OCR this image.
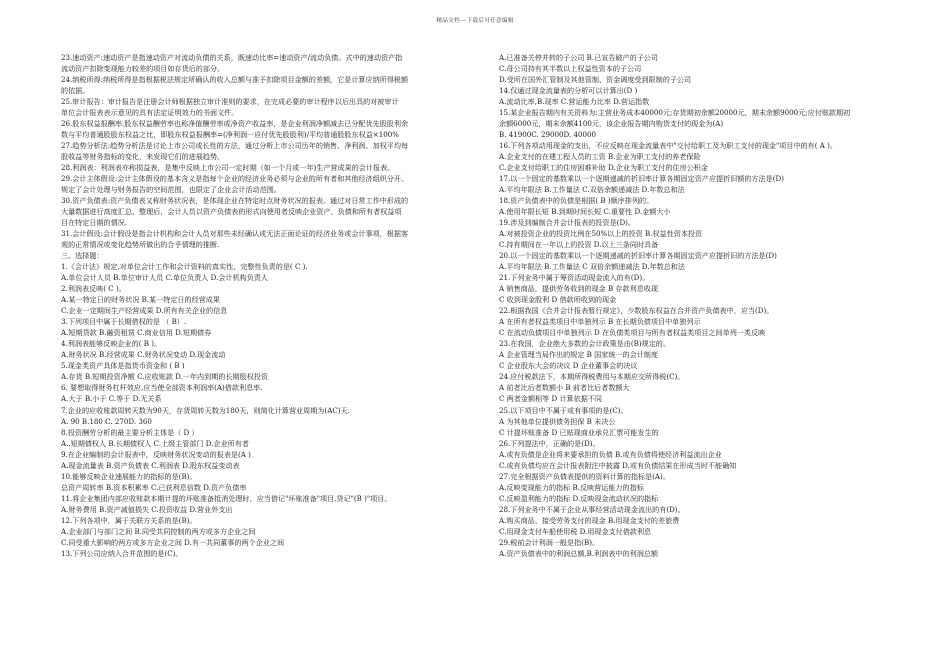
精品文档---下载后可任意编辑
23.速动资产:速动资产是指速动资产对流动负债的关系，既速动比率=速动资产/流动负债。式中的速动资产指
流动资产扣除变现能力较差的项目如存货后的部分。
24.纳税所得:纳税所得是指根据税法规定所确认的收入总额与准予扣除项目金额的差额，它是计算应纳所得税额
的依据。
25.审计报告：审计报告是注册会计师根据独立审计准则的要求，在完成必要的审计程序以后出具的对被审计
单位会计报表表示意见的具有法定证明效力的书面文件。
26.股东权益报酬率:股东权益酬劳率也称净值酬劳率或净资产收益率，是企业利润净额减去已分配优先股股利余
数与平均普通股股东权益之比，即股东权益报酬率=(净利润一应付优先股股利)/平均普通股股东权益×100%
27.趋势分析法:趋势分析法是讨论上市公司或长性的方法，通过分析上市公司历年的销售、净利润、加权平均每
股收益等财务指标的变化，来发现它们的进展趋势。
28.利润表：利润表亦称损益表，是集中反映上市公司一定时期（如一个月或一年)生产营成果的会计报表。
29.会计主体假设:会计主体假设的基本含义是指每个企业的经济业务必须与企业的所有者和其他经济组织分开。
规定了会计处理与财务报告的空间范围，也限定了企业会计活动范围。
30.资产负债表:资产负债表又称财务状况表，是体现企业在特定时点财务状况的报表。通过对日常工作中形成的
大量数据进行高度汇总、整理后，会计人员以资产负债表的形式向使用者反映企业资产、负债和所有者权益项
目在特定日期的情况.
31.会计假设:会计假设是指会计机构和会计人员对那些未经确认或无法正面论证的经济业务或会计事项，根据客
观的正常情况或变化趋势所做出的合乎情理的推断.
三、选择题：
1.《会计法》规定,对单位会计工作和会计资料的真实性、完整性负责的是( C ).
A.单位会计人员 B.单位审计人员 C.单位负责人 D.会计机构负责人
2.利润表反映( C )。
A.某一特定日的财务状况 B.某一特定日的经营成果
C.企业一定期间生产经营成果 D.所有有关企业的信息
3.下列项目中属于长期借权的是 （ B）.
A.短期贷款 B.融资租赁 C.商业信用 D.短期债券
4.利润表能够反映企业的( B )。
A.财务状况 B.经营成果 C.财务状况变动 D.现金流动
5.现金类资产具体是指货币资金和 ( B )
A.存货 B.短期投资净额 C.应收账款 D.一年内到期的长期股权投资
6. 要想取得财务杠杆效应,应当使全部资本利润率(A)借款利息率.
A.大于 B.小于 C.等于 D.无关系
7.企业的应收账款周转天数为90天，存货周转天数为180天，则简化计算营业周期为(AC)天.
A. 90 B.180 C. 270D. 360
8.投资酬劳分析的最主要分析主体是（ D ）
A..短期债权人 B.长期债权人 C.上级主管部门 D.企业所有者
9.在企业编制的会计报表中，反映财务状况变动的报表是(A )
A.现金流量表 B.资产负债表 C.利润表 D.股东权益变动表
10.能够反映企业速展能力的指标的是(B)。
总资产周转率 B.资本积累率 C.已获利息倍数 D.资产负债率
11.将企业集团内部应收账款本期计提的坏账准备抵消处理时，应当借记"坏账准备"项目,贷记"(B )"项目。
A.财务费用 B.资产减值损失 C.投资收益 D.营业外支出
12.下列各项中，属于关联方关系的是(B)。
A.企业部门与部门之间 B.同受共同控制的两方或多方企业之间
C.同受重大影响的两方或多方企业之间 D.有一共同董事的两个企业之间
13.下列公司应纳入合并范围的是(C)。
A.已准备关停并转的子公司 B.已宣告破产的子公司
C.母公司持有其半数以上权益性资本的子公司
D.受所在国外汇管制及其他管制、资金调度受到限制的子公司
14.仅通过现金流量表的分析可以计算出(D )
A.流动比率,B.现率 C.营运能力比率 D.营运指数
15.某企业报告期内有关资料为:主营业务成本40000元;存货期初余额20000元，期末余额9000元;应付账款期初
余额6000元，期末余额4100元，该企业报告期内购货支付的现金为(A)
B. 41900C. 29000D. 40000
16.下列各项动用现金的支出，不应反映在现金流量表中"交付给职工及为职工支付的现金"项目中的有( A )。
A.企业支付的在建工程人员的工资 B.企业为职工支付的养老保险
C.企业支付给职工的住房困难补助 D.企业为职工支付的住房公积金
17.以一个固定的基数乘以一个逐期递减的折旧率计算各期固定资产应提折旧额的方法是(D)
A.平均年限法 B.工作量法 C.双倍余额递减法 D.年数总和法
18.资产负债表中的负债是根据( B )顺序排列的。
A.使用年限长短 B.到期时间长短 C.重要性 D.金额大小
19.涉及到编制合并会计报表的投资是(D)。
A.对被投资企业的投资比例在50%以上的投资 B.权益性资本投资
C.持有期间在一年以上的投资 D.以上三条同时具备
20.以一个固定的基数乘以一个逐期递减的折旧率计算各期固定资产应提折旧的方法是(D)
A.平均年限法 B.工作量法 C 双倍余额递减法 D.年数总和法
21.下列业务中属于筹资活动现金流入的有(D)。
A 销售商品，提供劳务收到的现金 B 存款利息收现
C 收到现金股利 D 借款所收到的现金
22.根据我国《合并会计报表暂行规定》，少数股东权益在合并资产负债表中，应当(D)。
A 在所有者权益类项目中单独列示 B 在长期负债项目中单独列示
C 在流动负债项目中单独列示 D 在负债类项目与所有者权益类项目之间单列一类反映
23.在我国，企业绝大多数的会计政策是由(B)规定的。
A 企业管理当局作出的规定 B 国家统一的会计制度
C 企业股东大会的决议 D 企业董事会的决议
24.应付税款法下，本期所得税费用与本期应交所得税(C)。
A 前者比后者数额小 B 前者比后者数额大
C 两者金额相等 D 计算依据不同
25.以下项目中不属于或有事项的是(C)。
A 为其他单位提供债务担保 B 未决公
C 计提坏账准备 D 已贴现商业承兑汇票可能发生的
26.下列提法中，正确的是(D)。
A.或有负债是企业将来要承担的负债 B.或有负债将使经济利益流出企业
C.或有负债均应在会计报表附注中披露 D.或有负债结果在形成当时不能确知
27.完全根据资产负债表提供的资料计算的指标是(A)。
A.反映变现能力的指标 B.反映营运能力的指标
C.反映盈利能力的指标 D.反映现金流动状况的指标
28.下列业务中不属于企业从事经营活动现金流出的有(D)。
A.购买商品、接受劳务支付的现金 B.用现金支付的差旅费
C.用现金支付车船使用税 D.用现金支付借款利息
29.税前会计利润一般是指(B)。
A.资产负债表中的利润总额,B.利润表中的利润总额
